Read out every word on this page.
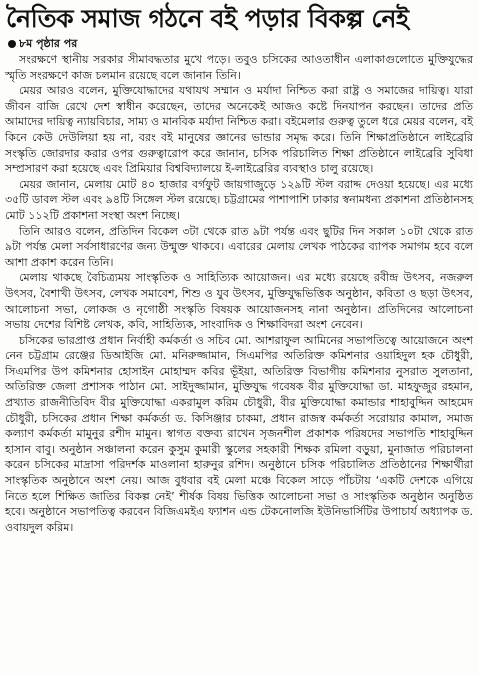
নৈতিক সমাজ গঠনে বই পড়ার বিকল্প নেই
৮ম পৃষ্ঠার পর

সংরক্ষণে স্থানীয় সরকার সীমাবদ্ধতার মুখে পড়ে। তবুও চসিকের আওতাধীন এলাকাগুলোতে মুক্তিযুদ্ধের স্মৃতি সংরক্ষণে কাজ চলমান রয়েছে বলে জানান তিনি।

মেয়র আরও বলেন, মুক্তিযোদ্ধাদের যথাযথ সম্মান ও মর্যাদা নিশ্চিত করা রাষ্ট্র ও সমাজের দায়িত্ব। যারা জীবন বাজি রেখে দেশ স্বাধীন করেছেন, তাদের অনেকেই আজও কষ্টে দিনযাপন করছেন। তাদের প্রতি আমাদের দায়িত্ব ন্যায়বিচার, সাম্য ও মানবিক মর্যাদা নিশ্চিত করা। বইমেলার গুরুত্ব তুলে ধরে মেয়র বলেন, বই কিনে কেউ দেউলিয়া হয় না, বরং বই মানুষের জ্ঞানের ভান্ডার সমৃদ্ধ করে। তিনি শিক্ষাপ্রতিষ্ঠানে লাইব্রেরি সংস্কৃতি জোরদার করার ওপর গুরুত্বারোপ করে জানান, চসিক পরিচালিত শিক্ষা প্রতিষ্ঠানে লাইব্রেরি সুবিধা সম্প্রসারণ করা হয়েছে এবং প্রিমিয়ার বিশ্ববিদ্যালয়ে ই-লাইব্রেরির ব্যবস্থাও চালু রয়েছে।

মেয়র জানান, মেলায় মোট ৪০ হাজার বর্গফুট জায়গাজুড়ে ১২৯টি স্টল বরাদ্দ দেওয়া হয়েছে। এর মধ্যে ৩৫টি ডাবল স্টল এবং ৯৪টি সিঙ্গেল স্টল রয়েছে। চট্টগ্রামের পাশাপাশি ঢাকার স্বনামধন্য প্রকাশনা প্রতিষ্ঠানসহ মোট ১১২টি প্রকাশনা সংস্থা অংশ নিচ্ছে।

তিনি আরও বলেন, প্রতিদিন বিকেল ৩টা থেকে রাত ৯টা পর্যন্ত এবং ছুটির দিন সকাল ১০টা থেকে রাত ৯টা পর্যন্ত মেলা সর্বসাধারণের জন্য উন্মুক্ত থাকবে। এবারের মেলায় লেখক পাঠকের ব্যাপক সমাগম হবে বলে আশা প্রকাশ করেন তিনি।

মেলায় থাকছে বৈচিত্র্যময় সাংস্কৃতিক ও সাহিত্যিক আয়োজন। এর মধ্যে রয়েছে রবীন্দ্র উৎসব, নজরুল উৎসব, বৈশাখী উৎসব, লেখক সমাবেশ, শিশু ও যুব উৎসব, মুক্তিযুদ্ধভিত্তিক অনুষ্ঠান, কবিতা ও ছড়া উৎসব, আলোচনা সভা, লোকজ ও নৃগোষ্ঠী সংস্কৃতি বিষয়ক আয়োজনসহ নানা অনুষ্ঠান। প্রতিদিনের আলোচনা সভায় দেশের বিশিষ্ট লেখক, কবি, সাহিত্যিক, সাংবাদিক ও শিক্ষাবিদরা অংশ নেবেন।

চসিকের ভারপ্রাপ্ত প্রধান নির্বাহী কর্মকর্তা ও সচিব মো. আশরাফুল আমিনের সভাপতিত্বে আয়োজনে অংশ নেন চট্টগ্রাম রেঞ্জের ডিআইজি মো. মনিরুজ্জামান, সিএমপির অতিরিক্ত কমিশনার ওয়াহিদুল হক চৌধুরী, সিএমপির উপ কমিশনার হোসাইন মোহাম্মদ কবির ভূঁইয়া, অতিরিক্ত বিভাগীয় কমিশনার নুসরাত সুলতানা, অতিরিক্ত জেলা প্রশাসক পাঠান মো. সাইদুজ্জামান, মুক্তিযুদ্ধ গবেষক বীর মুক্তিযোদ্ধা ডা. মাহফুজুর রহমান, প্রখ্যাত রাজনীতিবিদ বীর মুক্তিযোদ্ধা একরামুল করিম চৌধুরী, বীর মুক্তিযোদ্ধা কমান্ডার শাহাবুদ্দিন আহমেদ চৌধুরী, চসিকের প্রধান শিক্ষা কর্মকর্তা ড. কিসিঞ্জার চাকমা, প্রধান রাজস্ব কর্মকর্তা সরোয়ার কামাল, সমাজ কল্যাণ কর্মকর্তা মামুনুর রশীদ মামুন। স্বাগত বক্তব্য রাখেন সৃজনশীল প্রকাশক পরিষদের সভাপতি শাহাবুদ্দিন হাসান বাবু। অনুষ্ঠান সঞ্চালনা করেন কুসুম কুমারী স্কুলের সহকারী শিক্ষক রমিলা বড়ুয়া, মুনাজাত পরিচালনা করেন চসিকের মাদ্রাসা পরিদর্শক মাওলানা হারুনুর রশিদ। অনুষ্ঠানে চসিক পরিচালিত প্রতিষ্ঠানের শিক্ষার্থীরা সাংস্কৃতিক অনুষ্ঠানে অংশ নেয়। আজ বুধবার বই মেলা মঞ্চে বিকেল সাড়ে পাঁচটায় ‘একটি দেশকে এগিয়ে নিতে হলে শিক্ষিত জাতির বিকল্প নেই’ শীর্ষক বিষয় ভিত্তিক আলোচনা সভা ও সাংস্কৃতিক অনুষ্ঠান অনুষ্ঠিত হবে। অনুষ্ঠানে সভাপতিত্ব করবেন বিজিএমইএ ফ্যাশন এন্ড টেকনোলজি ইউনিভার্সিটির উপাচার্য অধ্যাপক ড. ওবায়দুল করিম।
